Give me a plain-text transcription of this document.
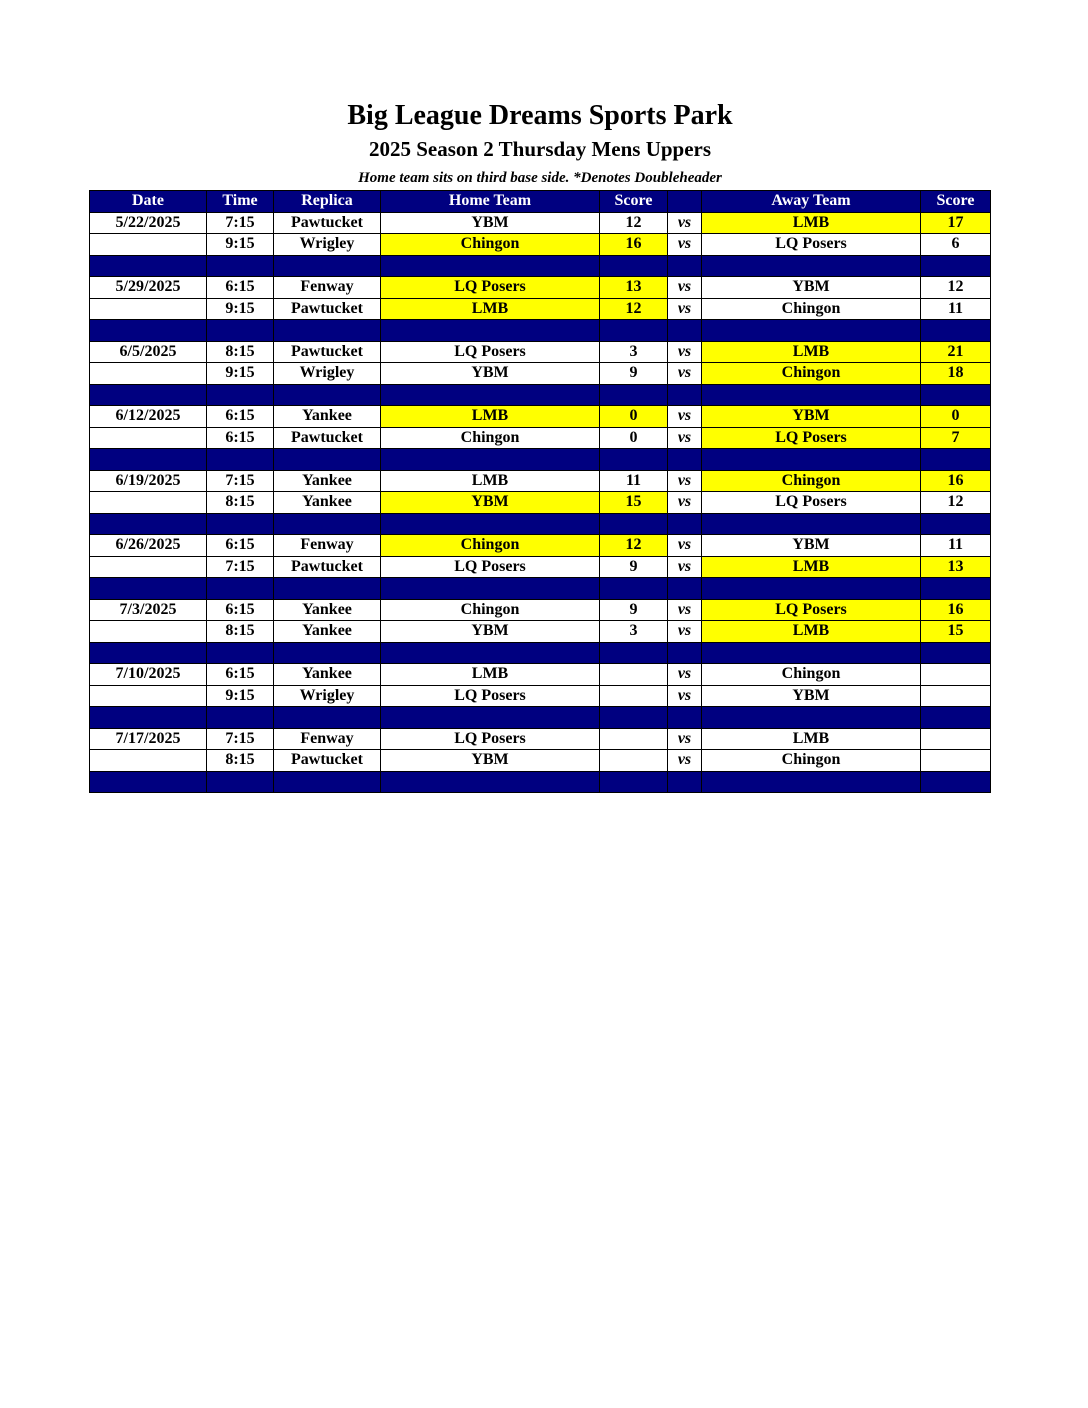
Big League Dreams Sports Park
2025 Season 2 Thursday Mens Uppers
Home team sits on third base side. *Denotes Doubleheader
Date	Time	Replica	Home Team	Score		Away Team	Score
5/22/2025	7:15	Pawtucket	YBM	12	vs	LMB	17
	9:15	Wrigley	Chingon	16	vs	LQ Posers	6

5/29/2025	6:15	Fenway	LQ Posers	13	vs	YBM	12
	9:15	Pawtucket	LMB	12	vs	Chingon	11

6/5/2025	8:15	Pawtucket	LQ Posers	3	vs	LMB	21
	9:15	Wrigley	YBM	9	vs	Chingon	18

6/12/2025	6:15	Yankee	LMB	0	vs	YBM	0
	6:15	Pawtucket	Chingon	0	vs	LQ Posers	7

6/19/2025	7:15	Yankee	LMB	11	vs	Chingon	16
	8:15	Yankee	YBM	15	vs	LQ Posers	12

6/26/2025	6:15	Fenway	Chingon	12	vs	YBM	11
	7:15	Pawtucket	LQ Posers	9	vs	LMB	13

7/3/2025	6:15	Yankee	Chingon	9	vs	LQ Posers	16
	8:15	Yankee	YBM	3	vs	LMB	15

7/10/2025	6:15	Yankee	LMB		vs	Chingon	
	9:15	Wrigley	LQ Posers		vs	YBM	

7/17/2025	7:15	Fenway	LQ Posers		vs	LMB	
	8:15	Pawtucket	YBM		vs	Chingon	
